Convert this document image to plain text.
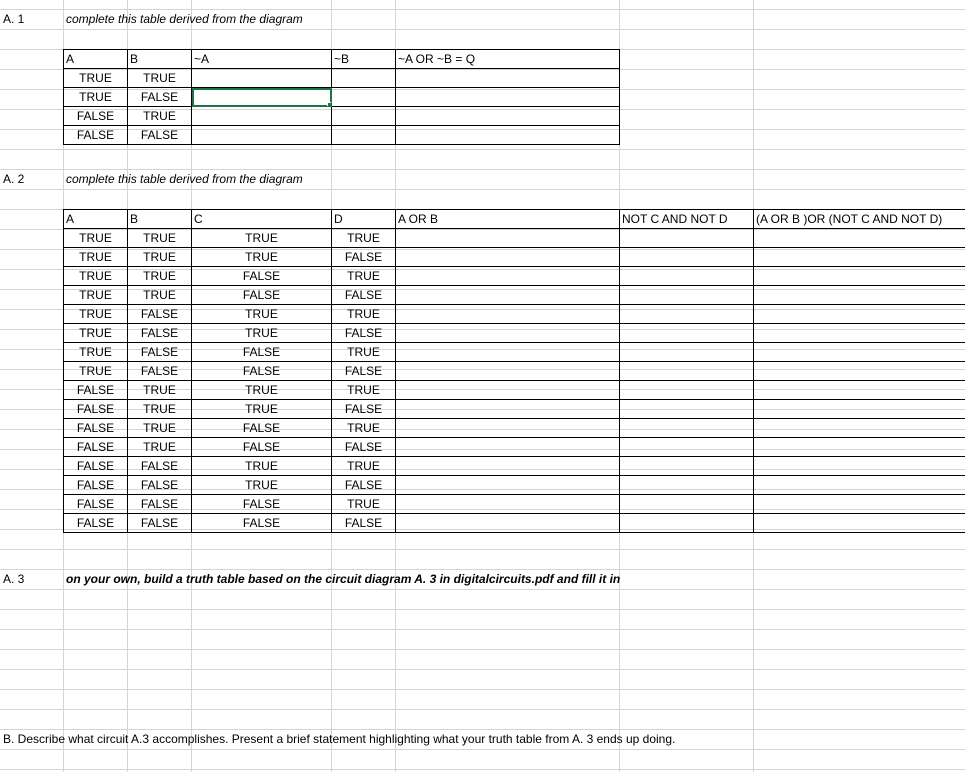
A. 1	complete this table derived from the diagram
A	B	~A	~B	~A OR ~B = Q
TRUE	TRUE			
TRUE	FALSE	

FALSE	TRUE			
FALSE	FALSE			
A. 2	complete this table derived from the diagram
A	B	C	D	A OR B	NOT C AND NOT D	(A OR B )OR (NOT C AND NOT D)
TRUE	TRUE	TRUE	TRUE			
TRUE	TRUE	TRUE	FALSE			
TRUE	TRUE	FALSE	TRUE			
TRUE	TRUE	FALSE	FALSE			
TRUE	FALSE	TRUE	TRUE			
TRUE	FALSE	TRUE	FALSE			
TRUE	FALSE	FALSE	TRUE			
TRUE	FALSE	FALSE	FALSE			
FALSE	TRUE	TRUE	TRUE			
FALSE	TRUE	TRUE	FALSE			
FALSE	TRUE	FALSE	TRUE			
FALSE	TRUE	FALSE	FALSE			
FALSE	FALSE	TRUE	TRUE			
FALSE	FALSE	TRUE	FALSE			
FALSE	FALSE	FALSE	TRUE			
FALSE	FALSE	FALSE	FALSE			
A. 3	on your own, build a truth table based on the circuit diagram A. 3 in digitalcircuits.pdf and fill it in
B. Describe what circuit A.3 accomplishes. Present a brief statement highlighting what your truth table from A. 3 ends up doing.
